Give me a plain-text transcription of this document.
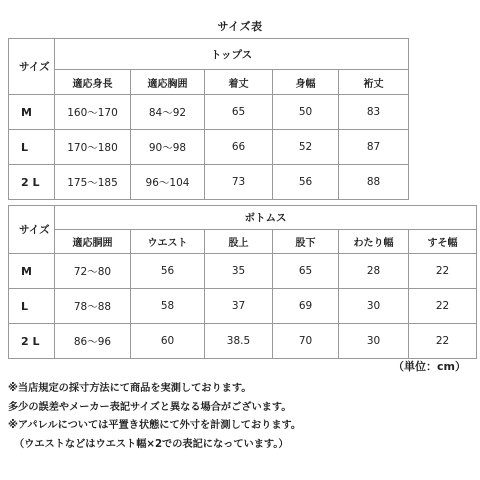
サイズ表
サイズ	トップス				
	適応身長	適応胸囲	着丈	身幅	裄丈
M	160〜170	84〜92	65	50	83
L	170〜180	90〜98	66	52	87
2 L	175〜185	96〜104	73	56	88
サイズ	ボトムス					
	適応胴囲	ウエスト	股上	股下	わたり幅	すそ幅
M	72〜80	56	35	65	28	22
L	78〜88	58	37	69	30	22
2 L	86〜96	60	38.5	70	30	22
（単位：cm）
※当店規定の採寸方法にて商品を実測しております。
多少の誤差やメーカー表記サイズと異なる場合がございます。
※アパレルについては平置き状態にて外寸を計測しております。
（ウエストなどはウエスト幅×2での表記になっています。）
